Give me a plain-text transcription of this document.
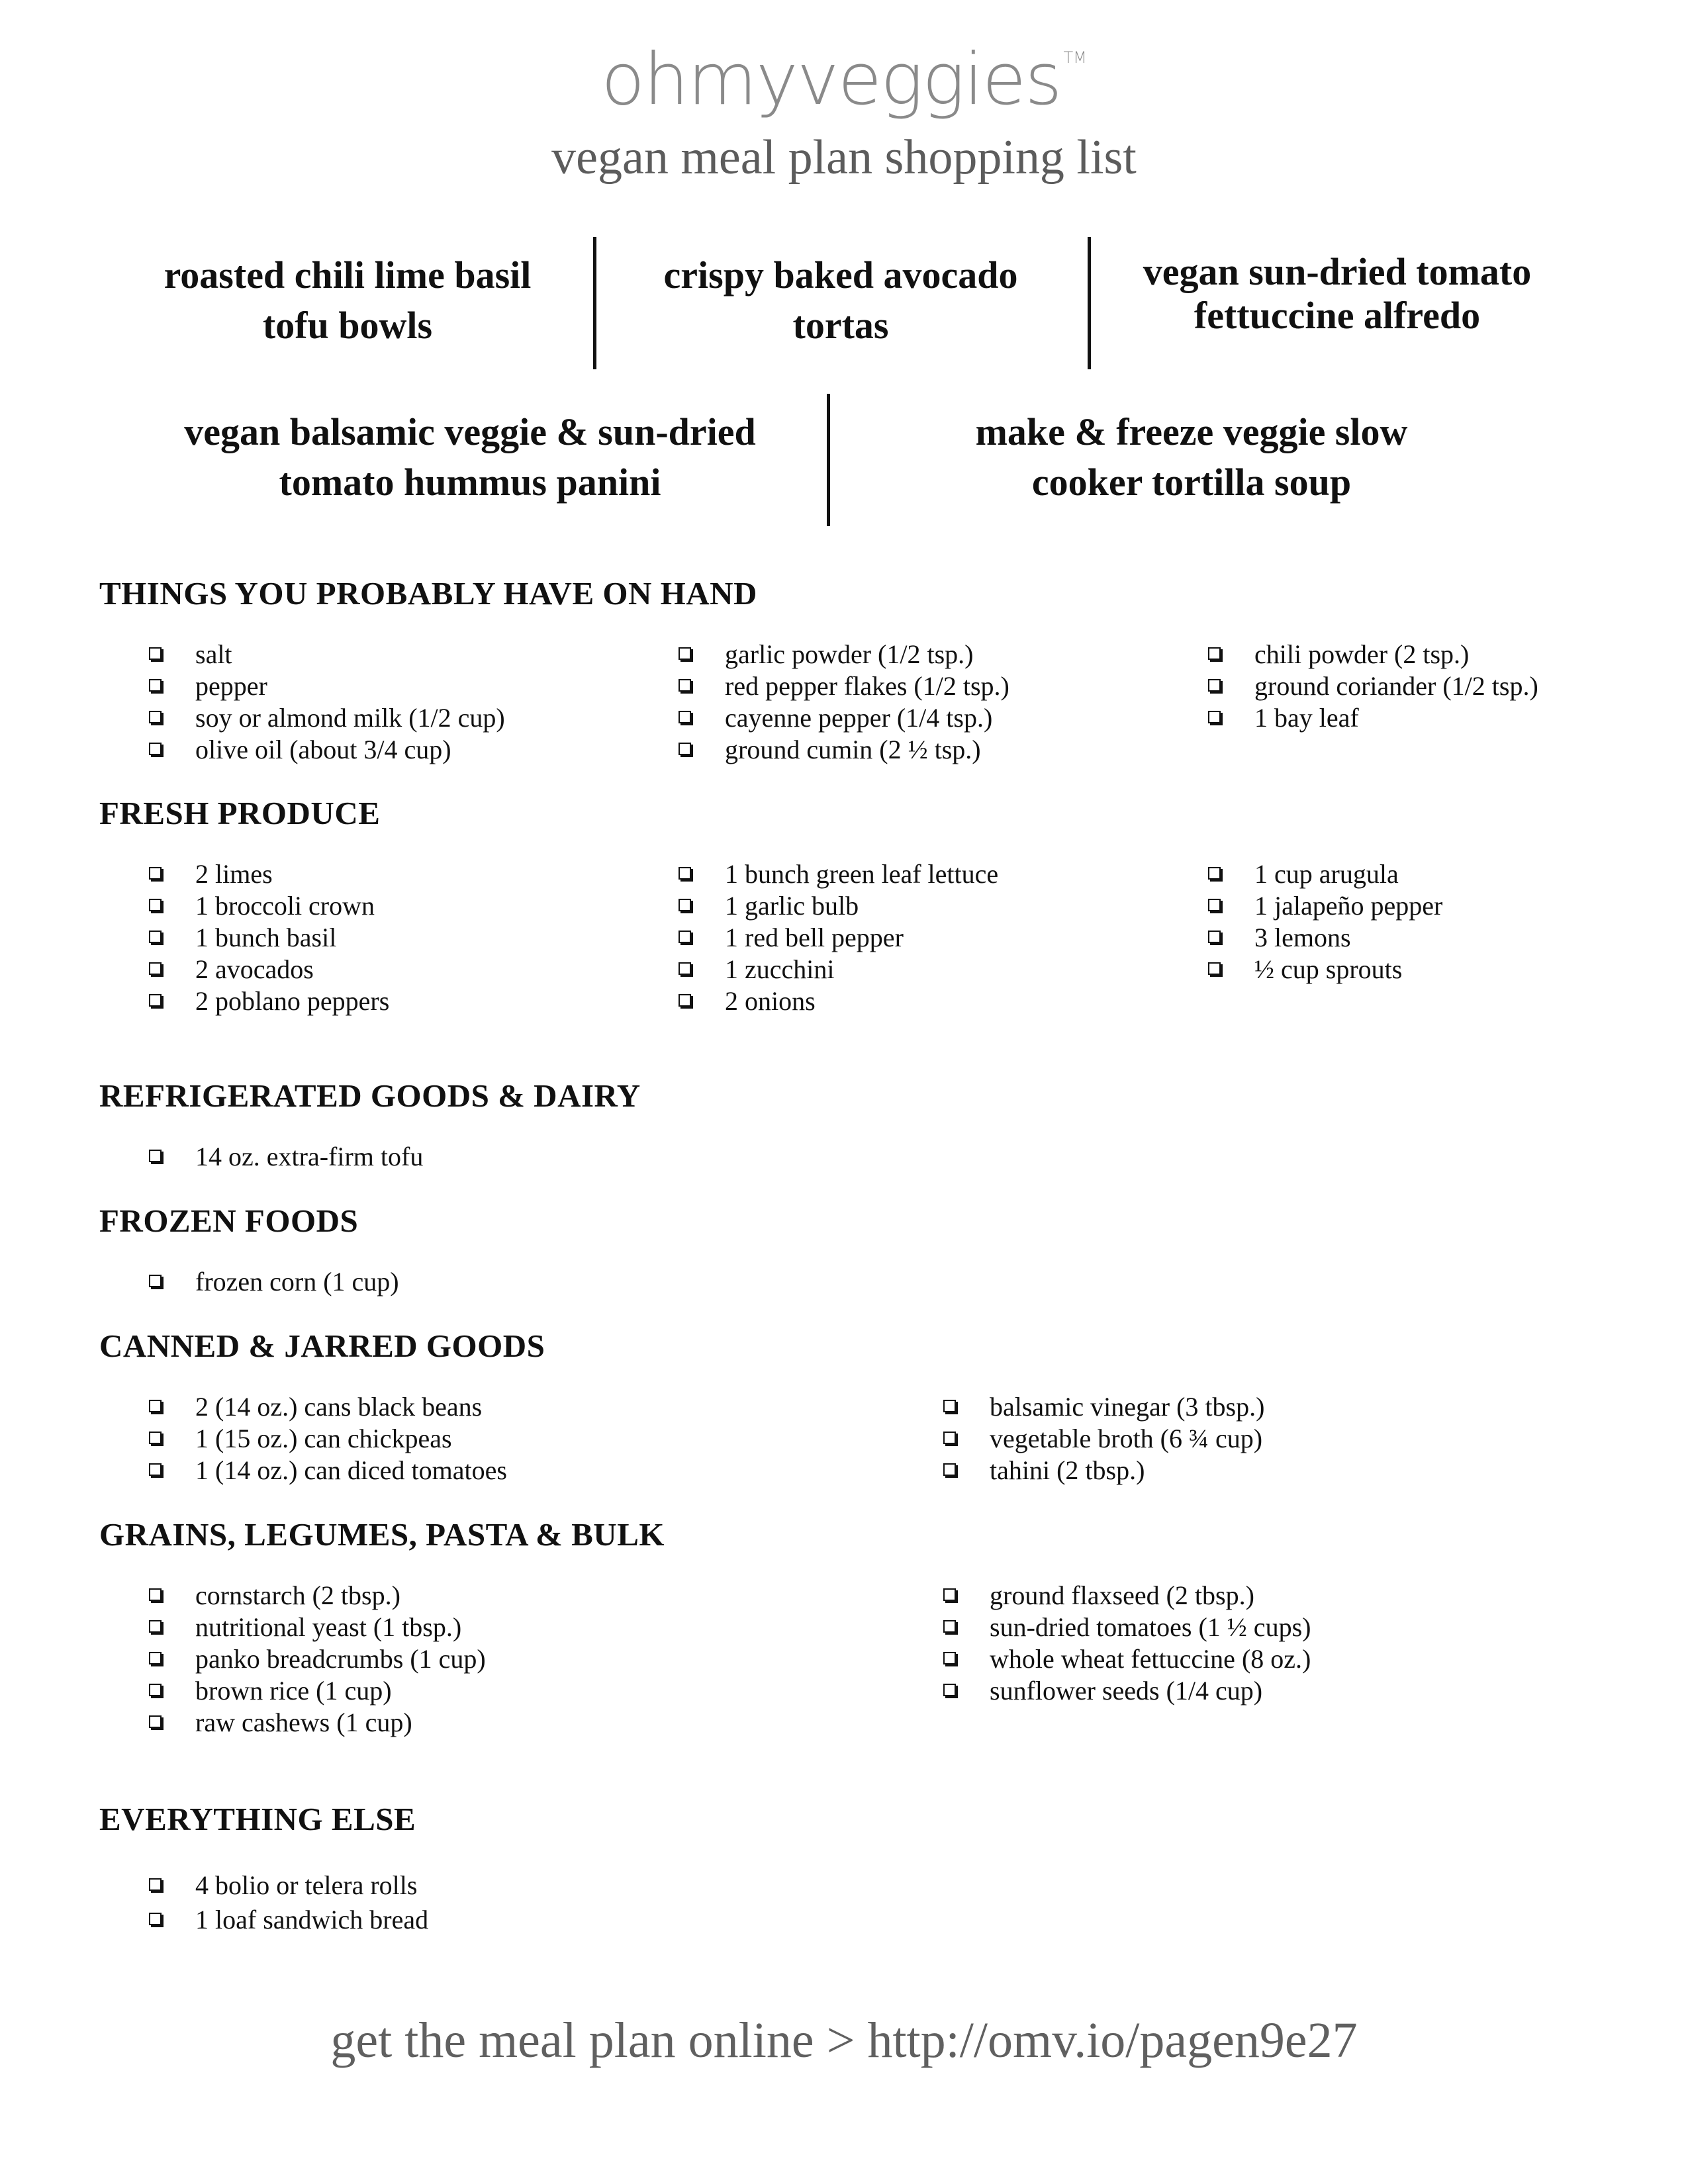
ohmyveggies ™
vegan meal plan shopping list
roasted chili lime basil
tofu bowls
crispy baked avocado
tortas
vegan sun-dried tomato
fettuccine alfredo
vegan balsamic veggie & sun-dried
tomato hummus panini
make & freeze veggie slow
cooker tortilla soup
THINGS YOU PROBABLY HAVE ON HAND
salt
pepper
soy or almond milk (1/2 cup)
olive oil (about 3/4 cup)
garlic powder (1/2 tsp.)
red pepper flakes (1/2 tsp.)
cayenne pepper (1/4 tsp.)
ground cumin (2 ½ tsp.)
chili powder (2 tsp.)
ground coriander (1/2 tsp.)
1 bay leaf
FRESH PRODUCE
2 limes
1 broccoli crown
1 bunch basil
2 avocados
2 poblano peppers
1 bunch green leaf lettuce
1 garlic bulb
1 red bell pepper
1 zucchini
2 onions
1 cup arugula
1 jalapeño pepper
3 lemons
½ cup sprouts
REFRIGERATED GOODS & DAIRY
14 oz. extra-firm tofu
FROZEN FOODS
frozen corn (1 cup)
CANNED & JARRED GOODS
2 (14 oz.) cans black beans
1 (15 oz.) can chickpeas
1 (14 oz.) can diced tomatoes
balsamic vinegar (3 tbsp.)
vegetable broth (6 ¾ cup)
tahini (2 tbsp.)
GRAINS, LEGUMES, PASTA & BULK
cornstarch (2 tbsp.)
nutritional yeast (1 tbsp.)
panko breadcrumbs (1 cup)
brown rice (1 cup)
raw cashews (1 cup)
ground flaxseed (2 tbsp.)
sun-dried tomatoes (1 ½ cups)
whole wheat fettuccine (8 oz.)
sunflower seeds (1/4 cup)
EVERYTHING ELSE
4 bolio or telera rolls
1 loaf sandwich bread
get the meal plan online > http://omv.io/pagen9e27
